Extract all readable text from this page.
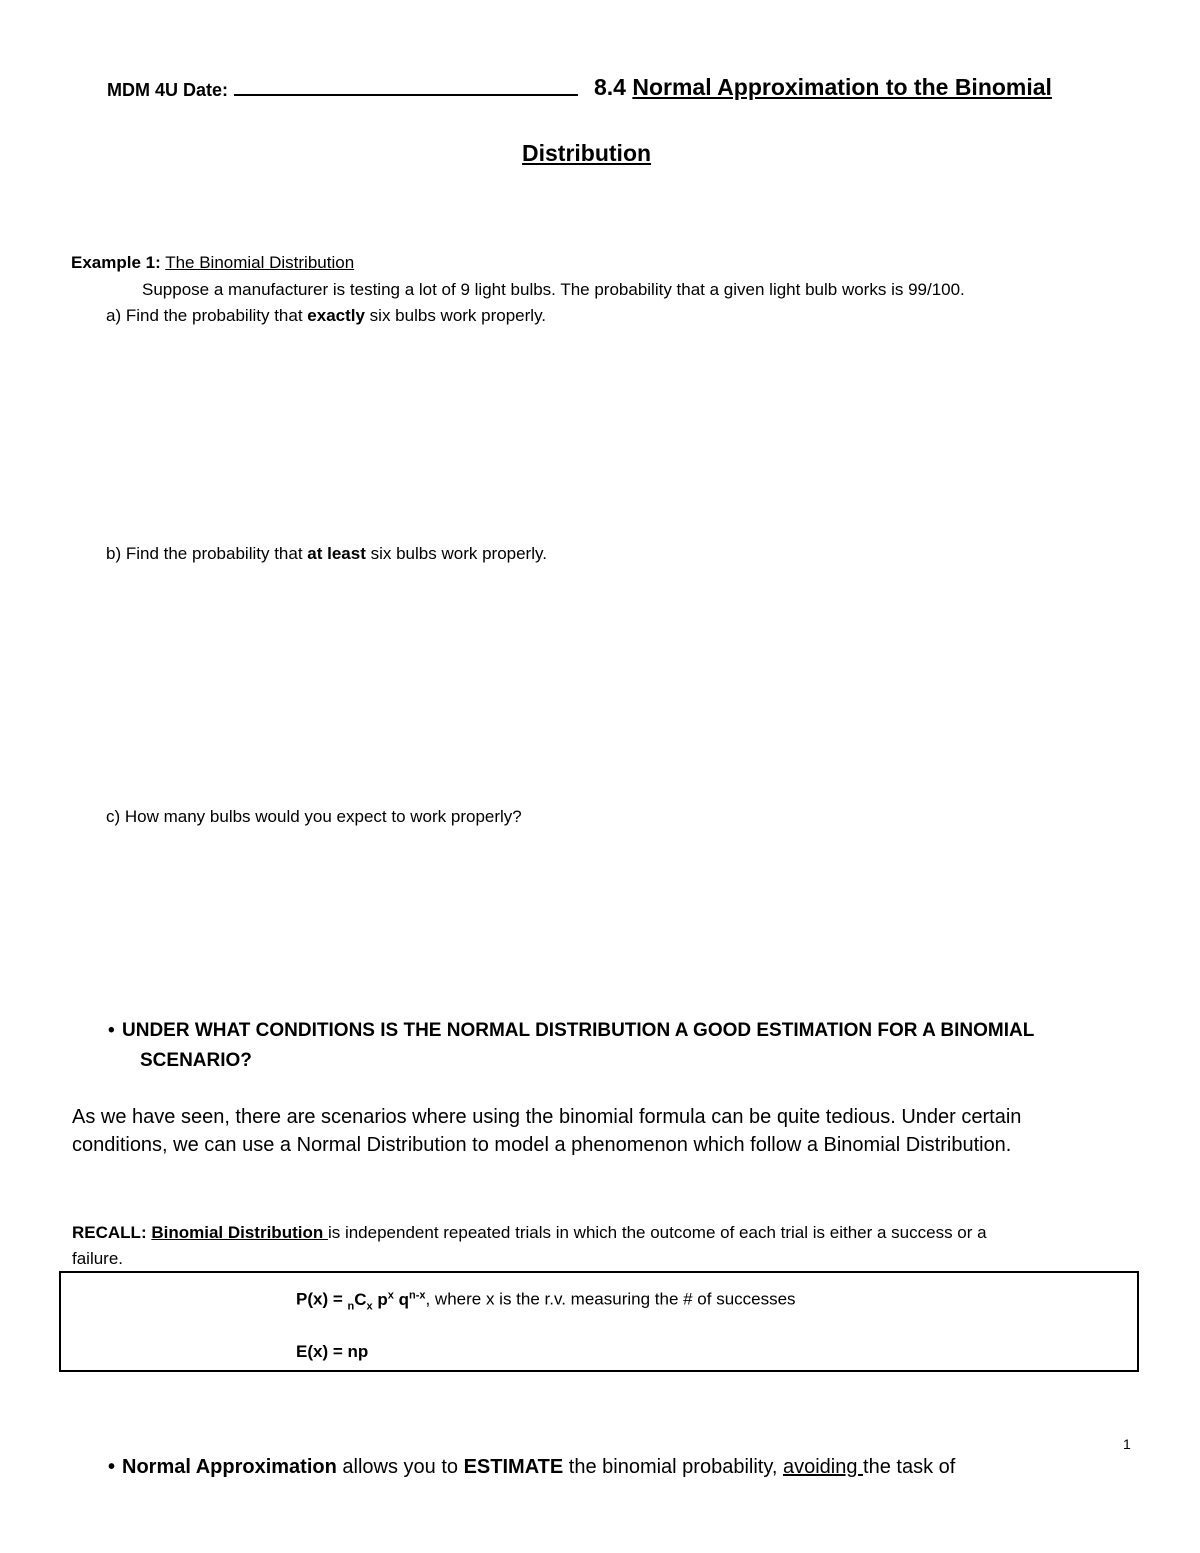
MDM 4U Date:	8.4 Normal Approximation to the Binomial
Distribution
Example 1: The Binomial Distribution
Suppose a manufacturer is testing a lot of 9 light bulbs. The probability that a given light bulb works is 99/100.
a) Find the probability that exactly six bulbs work properly.
b) Find the probability that at least six bulbs work properly.
c) How many bulbs would you expect to work properly?
• UNDER WHAT CONDITIONS IS THE NORMAL DISTRIBUTION A GOOD ESTIMATION FOR A BINOMIAL
SCENARIO?
As we have seen, there are scenarios where using the binomial formula can be quite tedious. Under certain
conditions, we can use a Normal Distribution to model a phenomenon which follow a Binomial Distribution.
RECALL: Binomial Distribution is independent repeated trials in which the outcome of each trial is either a success or a
failure.
$P(x) = _nC_x$ $p^x$ $q^{n-x}$, where x is the r.v. measuring the # of successes
E(x) = np
1
• Normal Approximation allows you to ESTIMATE the binomial probability, avoiding the task of
